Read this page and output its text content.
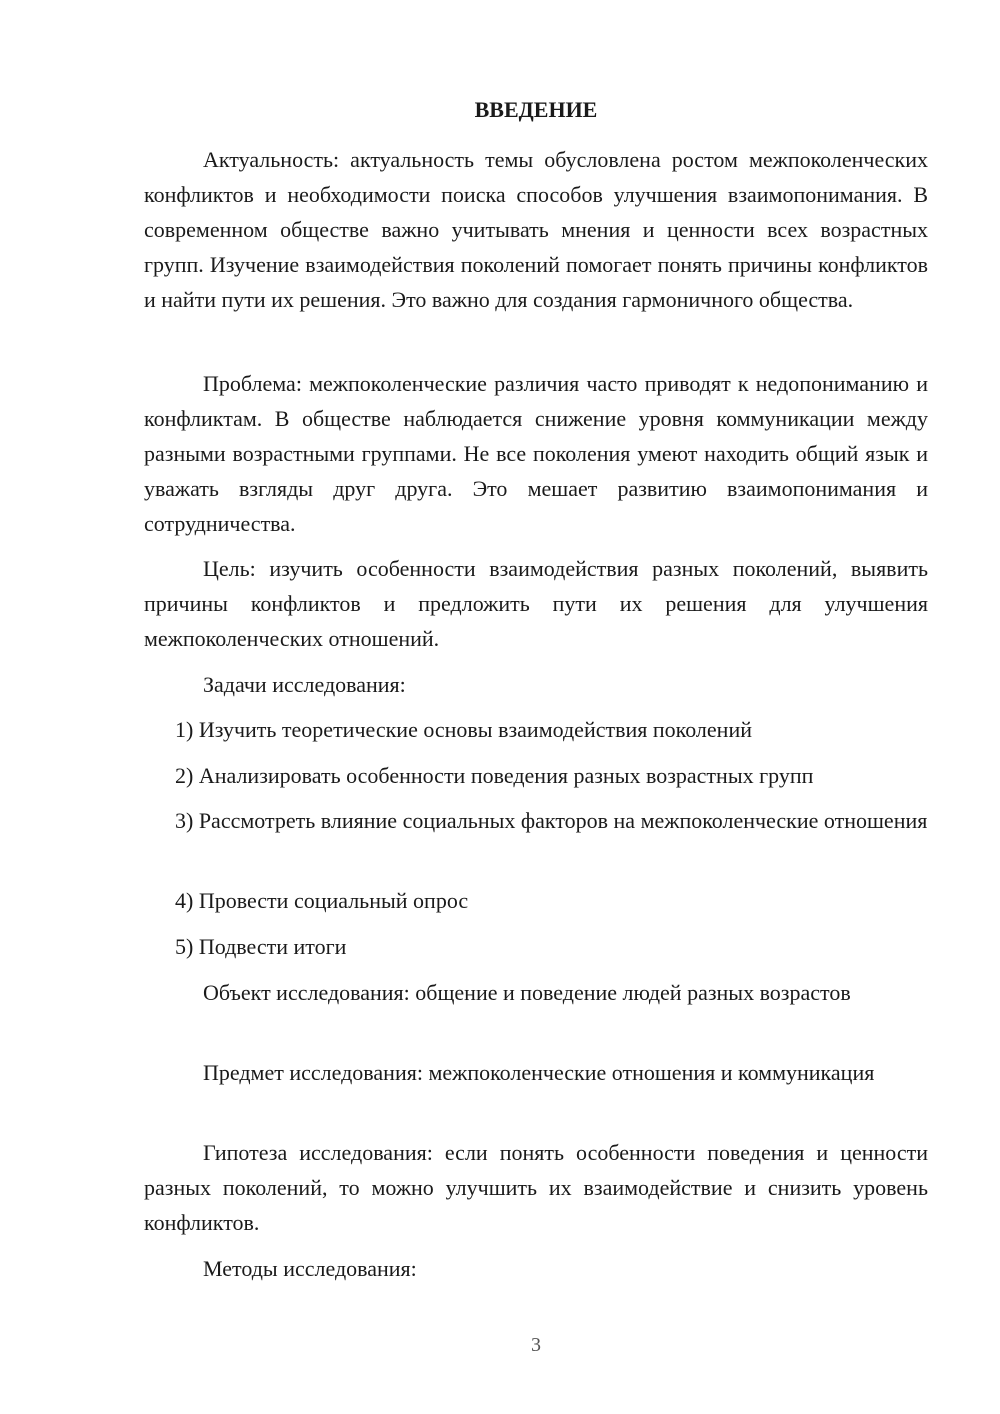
ВВЕДЕНИЕ

Актуальность: актуальность темы обусловлена ростом межпоколенческих конфликтов и необходимости поиска способов улучшения взаимопонимания. В современном обществе важно учитывать мнения и ценности всех возрастных групп. Изучение взаимодействия поколений помогает понять причины конфликтов и найти пути их решения. Это важно для создания гармоничного общества.

Проблема: межпоколенческие различия часто приводят к недопониманию и конфликтам. В обществе наблюдается снижение уровня коммуникации между разными возрастными группами. Не все поколения умеют находить общий язык и уважать взгляды друг друга. Это мешает развитию взаимопонимания и сотрудничества.

Цель: изучить особенности взаимодействия разных поколений, выявить причины конфликтов и предложить пути их решения для улучшения межпоколенческих отношений.

Задачи исследования:

1) Изучить теоретические основы взаимодействия поколений

2) Анализировать особенности поведения разных возрастных групп

3) Рассмотреть влияние социальных факторов на межпоколенческие отношения

4) Провести социальный опрос

5) Подвести итоги

Объект исследования: общение и поведение людей разных возрастов

Предмет исследования: межпоколенческие отношения и коммуникация

Гипотеза исследования: если понять особенности поведения и ценности разных поколений, то можно улучшить их взаимодействие и снизить уровень конфликтов.

Методы исследования:

3
